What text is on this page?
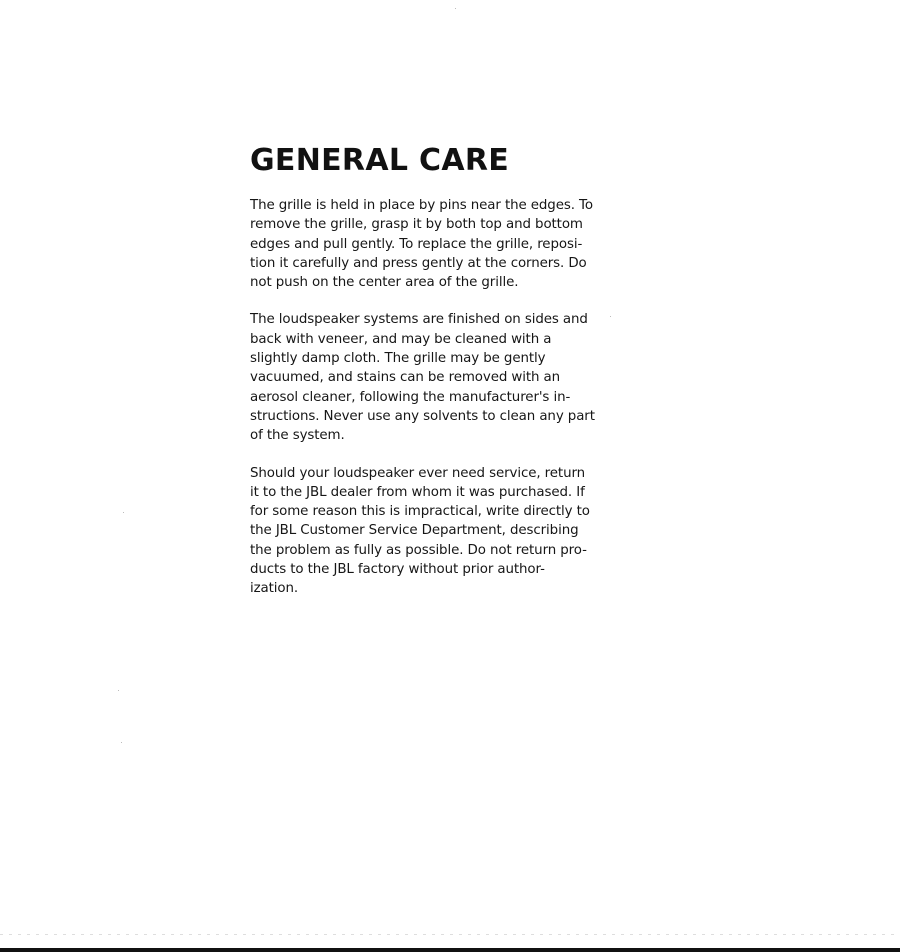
GENERAL CARE

The grille is held in place by pins near the edges. To
remove the grille, grasp it by both top and bottom
edges and pull gently. To replace the grille, reposi-
tion it carefully and press gently at the corners. Do
not push on the center area of the grille.

The loudspeaker systems are finished on sides and
back with veneer, and may be cleaned with a
slightly damp cloth. The grille may be gently
vacuumed, and stains can be removed with an
aerosol cleaner, following the manufacturer's in-
structions. Never use any solvents to clean any part
of the system.

Should your loudspeaker ever need service, return
it to the JBL dealer from whom it was purchased. If
for some reason this is impractical, write directly to
the JBL Customer Service Department, describing
the problem as fully as possible. Do not return pro-
ducts to the JBL factory without prior author-
ization.
